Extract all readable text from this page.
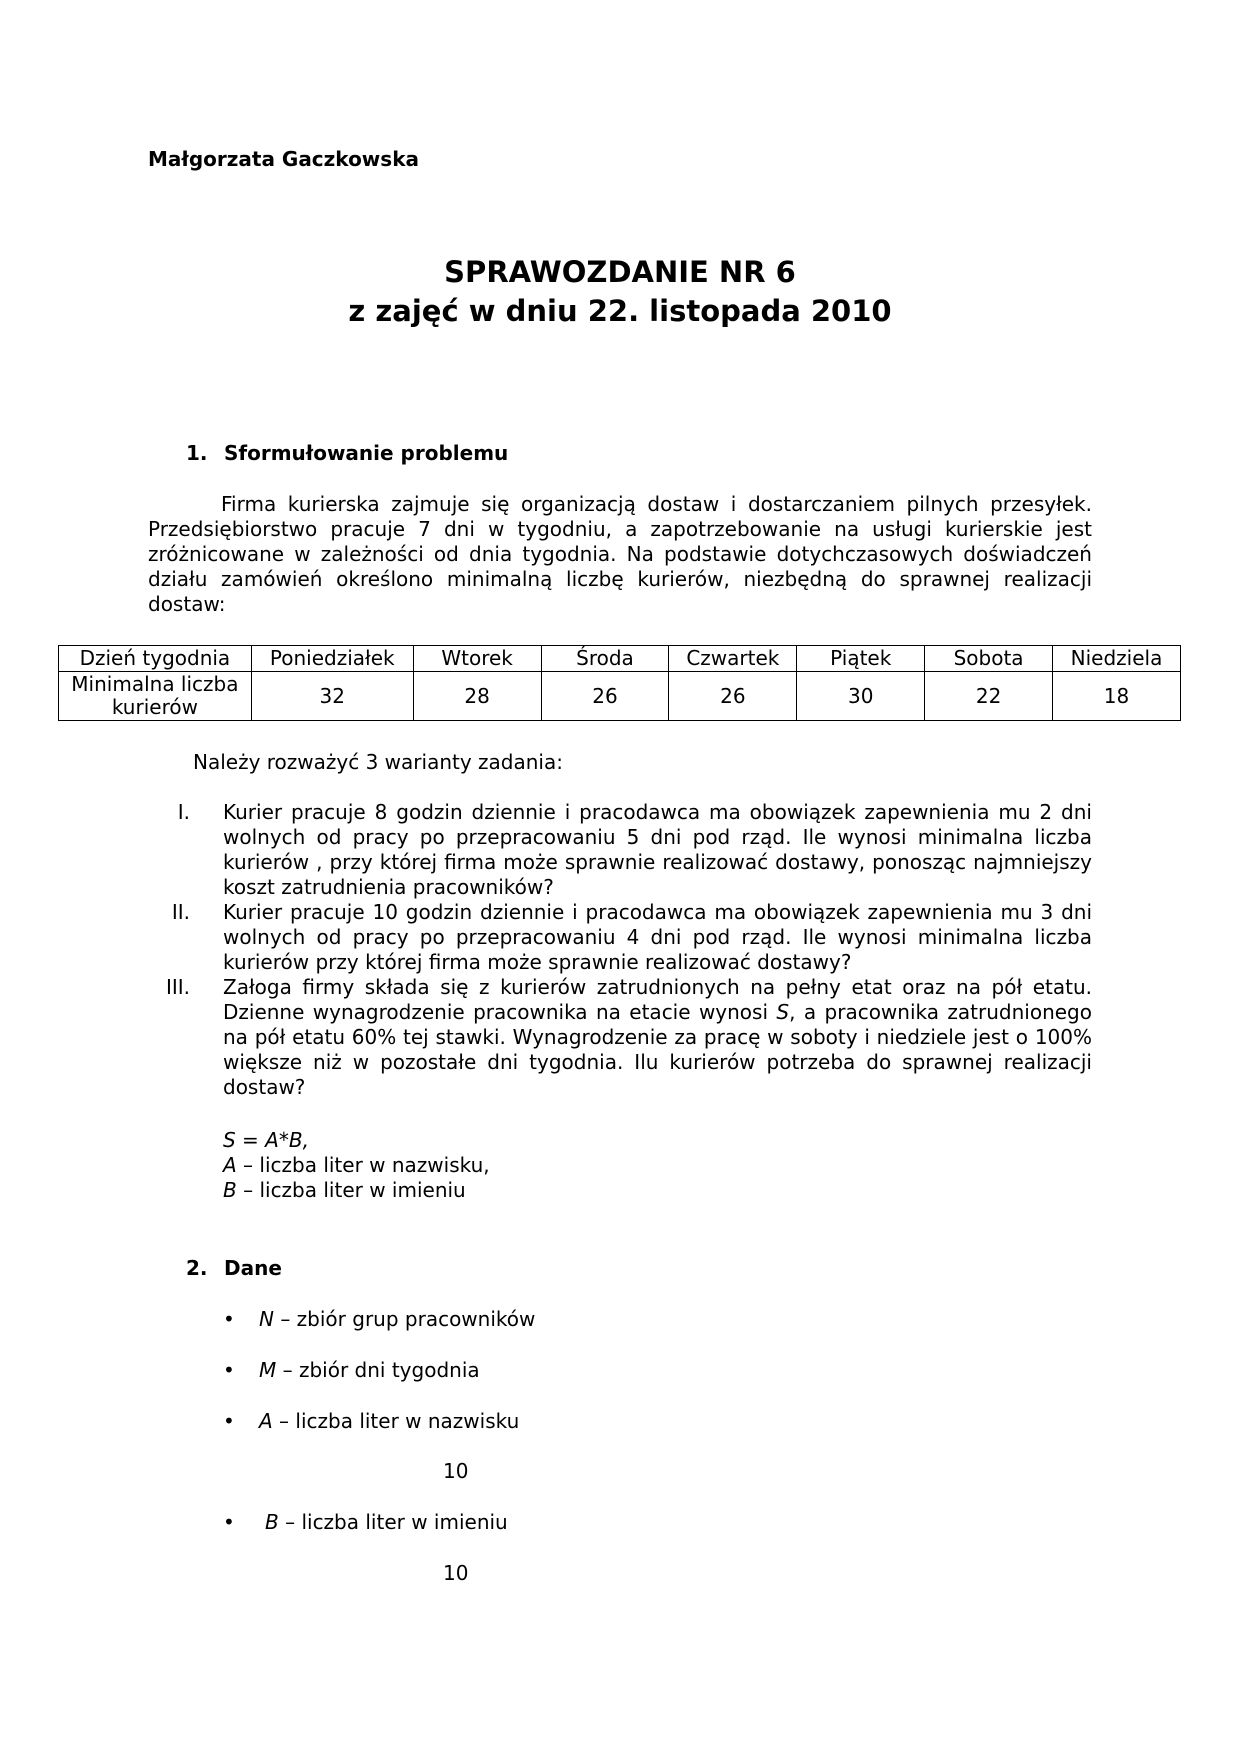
Małgorzata Gaczkowska
SPRAWOZDANIE NR 6
z zajęć w dniu 22. listopada 2010
1. Sformułowanie problemu
Firma kurierska zajmuje się organizacją dostaw i dostarczaniem pilnych przesyłek. Przedsiębiorstwo pracuje 7 dni w tygodniu, a zapotrzebowanie na usługi kurierskie jest zróżnicowane w zależności od dnia tygodnia. Na podstawie dotychczasowych doświadczeń działu zamówień określono minimalną liczbę kurierów, niezbędną do sprawnej realizacji dostaw:
Dzień tygodnia	Poniedziałek	Wtorek	Środa	Czwartek	Piątek	Sobota	Niedziela
Minimalna liczba kurierów	32	28	26	26	30	22	18
Należy rozważyć 3 warianty zadania:
I. Kurier pracuje 8 godzin dziennie i pracodawca ma obowiązek zapewnienia mu 2 dni wolnych od pracy po przepracowaniu 5 dni pod rząd. Ile wynosi minimalna liczba kurierów , przy której firma może sprawnie realizować dostawy, ponosząc najmniejszy koszt zatrudnienia pracowników?
II. Kurier pracuje 10 godzin dziennie i pracodawca ma obowiązek zapewnienia mu 3 dni wolnych od pracy po przepracowaniu 4 dni pod rząd. Ile wynosi minimalna liczba kurierów przy której firma może sprawnie realizować dostawy?
III. Załoga firmy składa się z kurierów zatrudnionych na pełny etat oraz na pół etatu. Dzienne wynagrodzenie pracownika na etacie wynosi S, a pracownika zatrudnionego na pół etatu 60% tej stawki. Wynagrodzenie za pracę w soboty i niedziele jest o 100% większe niż w pozostałe dni tygodnia. Ilu kurierów potrzeba do sprawnej realizacji dostaw?
S = A*B,
A – liczba liter w nazwisku,
B – liczba liter w imieniu
2. Dane
• N – zbiór grup pracowników
• M – zbiór dni tygodnia
• A – liczba liter w nazwisku
10
• B – liczba liter w imieniu
10
